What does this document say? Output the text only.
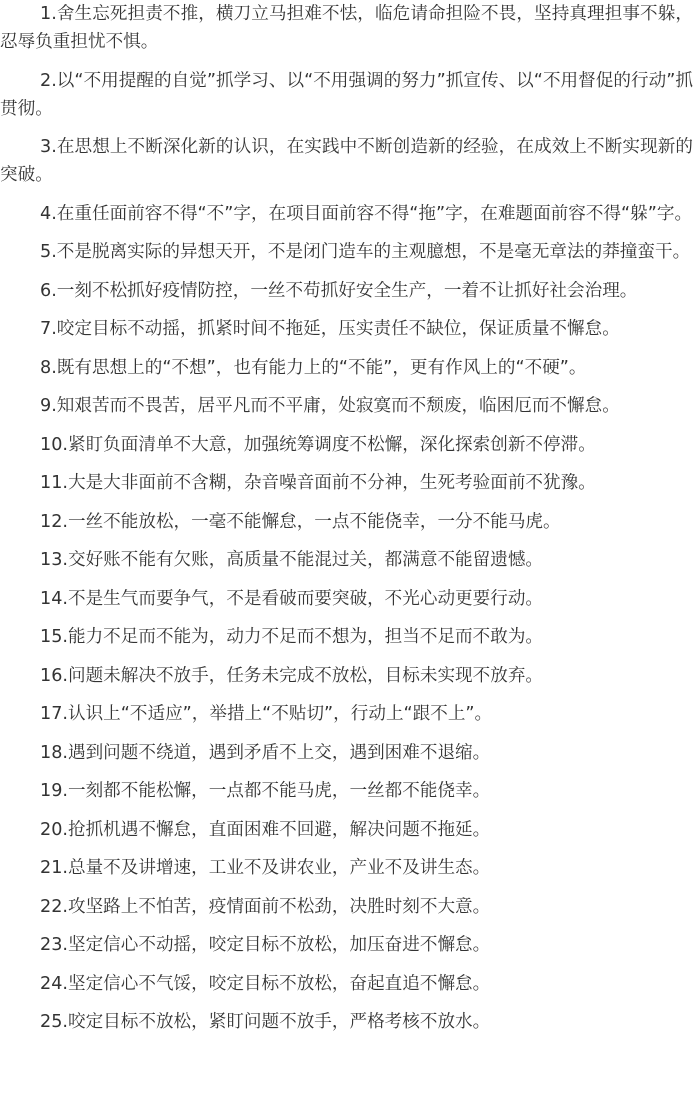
1.舍生忘死担责不推，横刀立马担难不怯，临危请命担险不畏，坚持真理担事不躲，忍辱负重担忧不惧。

2.以“不用提醒的自觉”抓学习、以“不用强调的努力”抓宣传、以“不用督促的行动”抓贯彻。

3.在思想上不断深化新的认识，在实践中不断创造新的经验，在成效上不断实现新的突破。

4.在重任面前容不得“不”字，在项目面前容不得“拖”字，在难题面前容不得“躲”字。

5.不是脱离实际的异想天开，不是闭门造车的主观臆想，不是毫无章法的莽撞蛮干。

6.一刻不松抓好疫情防控，一丝不苟抓好安全生产，一着不让抓好社会治理。

7.咬定目标不动摇，抓紧时间不拖延，压实责任不缺位，保证质量不懈怠。

8.既有思想上的“不想”，也有能力上的“不能”，更有作风上的“不硬”。

9.知艰苦而不畏苦，居平凡而不平庸，处寂寞而不颓废，临困厄而不懈怠。

10.紧盯负面清单不大意，加强统筹调度不松懈，深化探索创新不停滞。

11.大是大非面前不含糊，杂音噪音面前不分神，生死考验面前不犹豫。

12.一丝不能放松，一毫不能懈怠，一点不能侥幸，一分不能马虎。

13.交好账不能有欠账，高质量不能混过关，都满意不能留遗憾。

14.不是生气而要争气，不是看破而要突破，不光心动更要行动。

15.能力不足而不能为，动力不足而不想为，担当不足而不敢为。

16.问题未解决不放手，任务未完成不放松，目标未实现不放弃。

17.认识上“不适应”，举措上“不贴切”，行动上“跟不上”。

18.遇到问题不绕道，遇到矛盾不上交，遇到困难不退缩。

19.一刻都不能松懈，一点都不能马虎，一丝都不能侥幸。

20.抢抓机遇不懈怠，直面困难不回避，解决问题不拖延。

21.总量不及讲增速，工业不及讲农业，产业不及讲生态。

22.攻坚路上不怕苦，疫情面前不松劲，决胜时刻不大意。

23.坚定信心不动摇，咬定目标不放松，加压奋进不懈怠。

24.坚定信心不气馁，咬定目标不放松，奋起直追不懈怠。

25.咬定目标不放松，紧盯问题不放手，严格考核不放水。
